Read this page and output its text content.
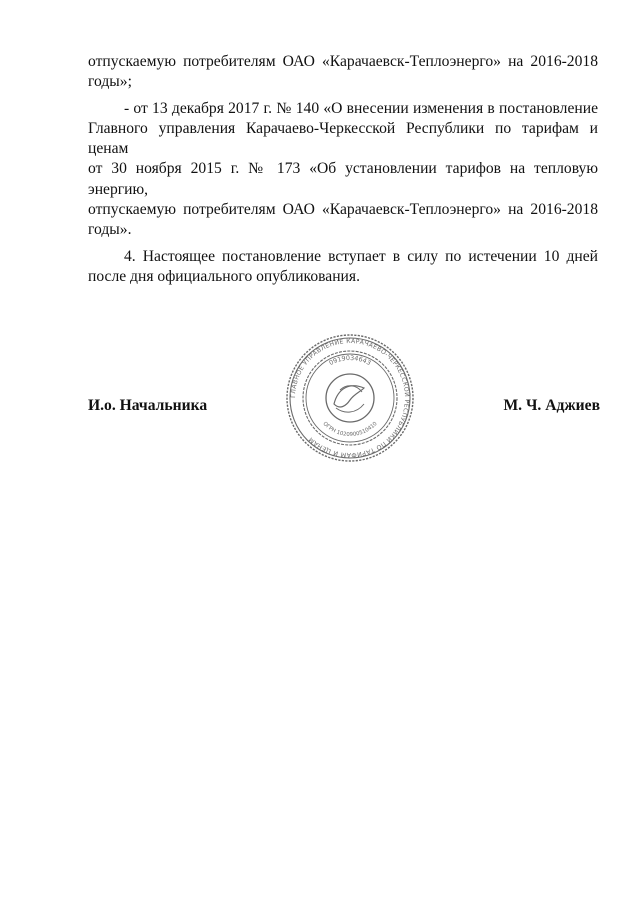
отпускаемую потребителям ОАО «Карачаевск-Теплоэнерго» на 2016-2018
годы»;
- от 13 декабря 2017 г. № 140 «О внесении изменения в постановление
Главного управления Карачаево-Черкесской Республики по тарифам и ценам
от 30 ноября 2015 г. № 173 «Об установлении тарифов на тепловую энергию,
отпускаемую потребителям ОАО «Карачаевск-Теплоэнерго» на 2016-2018
годы».
4. Настоящее постановление вступает в силу по истечении 10 дней
после дня официального опубликования.
И.о. Начальника	М. Ч. Аджиев
ГЛАВНОЕ УПРАВЛЕНИЕ КАРАЧАЕВО-ЧЕРКЕССКОЙ РЕСПУБЛИКИ ПО ТАРИФАМ И ЦЕНАМ
0919034643
ОГРН 1020900510410
